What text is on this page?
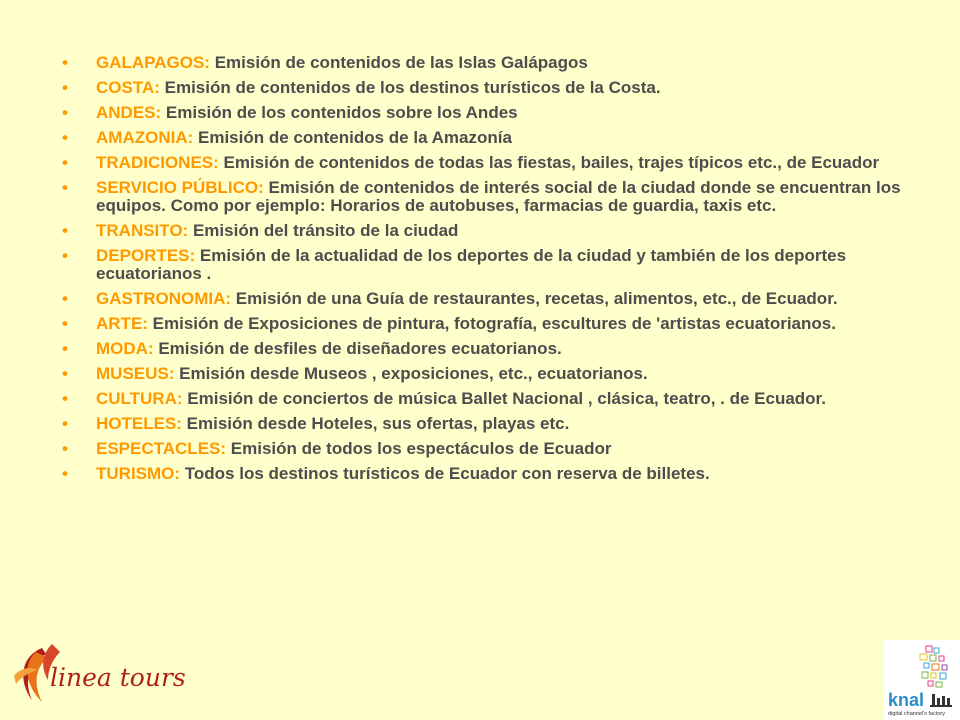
• GALAPAGOS: Emisión de contenidos de las Islas Galápagos
• COSTA: Emisión de contenidos de los destinos turísticos de la Costa.
• ANDES: Emisión de los contenidos sobre los Andes
• AMAZONIA: Emisión de contenidos de la Amazonía
• TRADICIONES: Emisión de contenidos de todas las fiestas, bailes, trajes típicos etc., de Ecuador
• SERVICIO PÚBLICO: Emisión de contenidos de interés social de la ciudad donde se encuentran los equipos. Como por ejemplo: Horarios de autobuses, farmacias de guardia, taxis etc.
• TRANSITO: Emisión del tránsito de la ciudad
• DEPORTES: Emisión de la actualidad de los deportes de la ciudad y también de los deportes ecuatorianos .
• GASTRONOMIA: Emisión de una Guía de restaurantes, recetas, alimentos, etc., de Ecuador.
• ARTE: Emisión de Exposiciones de pintura, fotografía, escultures de 'artistas ecuatorianos.
• MODA: Emisión de desfiles de diseñadores ecuatorianos.
• MUSEUS: Emisión desde Museos , exposiciones, etc., ecuatorianos.
• CULTURA: Emisión de conciertos de música Ballet Nacional , clásica, teatro, . de Ecuador.
• HOTELES: Emisión desde Hoteles, sus ofertas, playas etc.
• ESPECTACLES: Emisión de todos los espectáculos de Ecuador
• TURISMO: Todos los destinos turísticos de Ecuador con reserva de billetes.
linea tours
knal
digital channel's factory
